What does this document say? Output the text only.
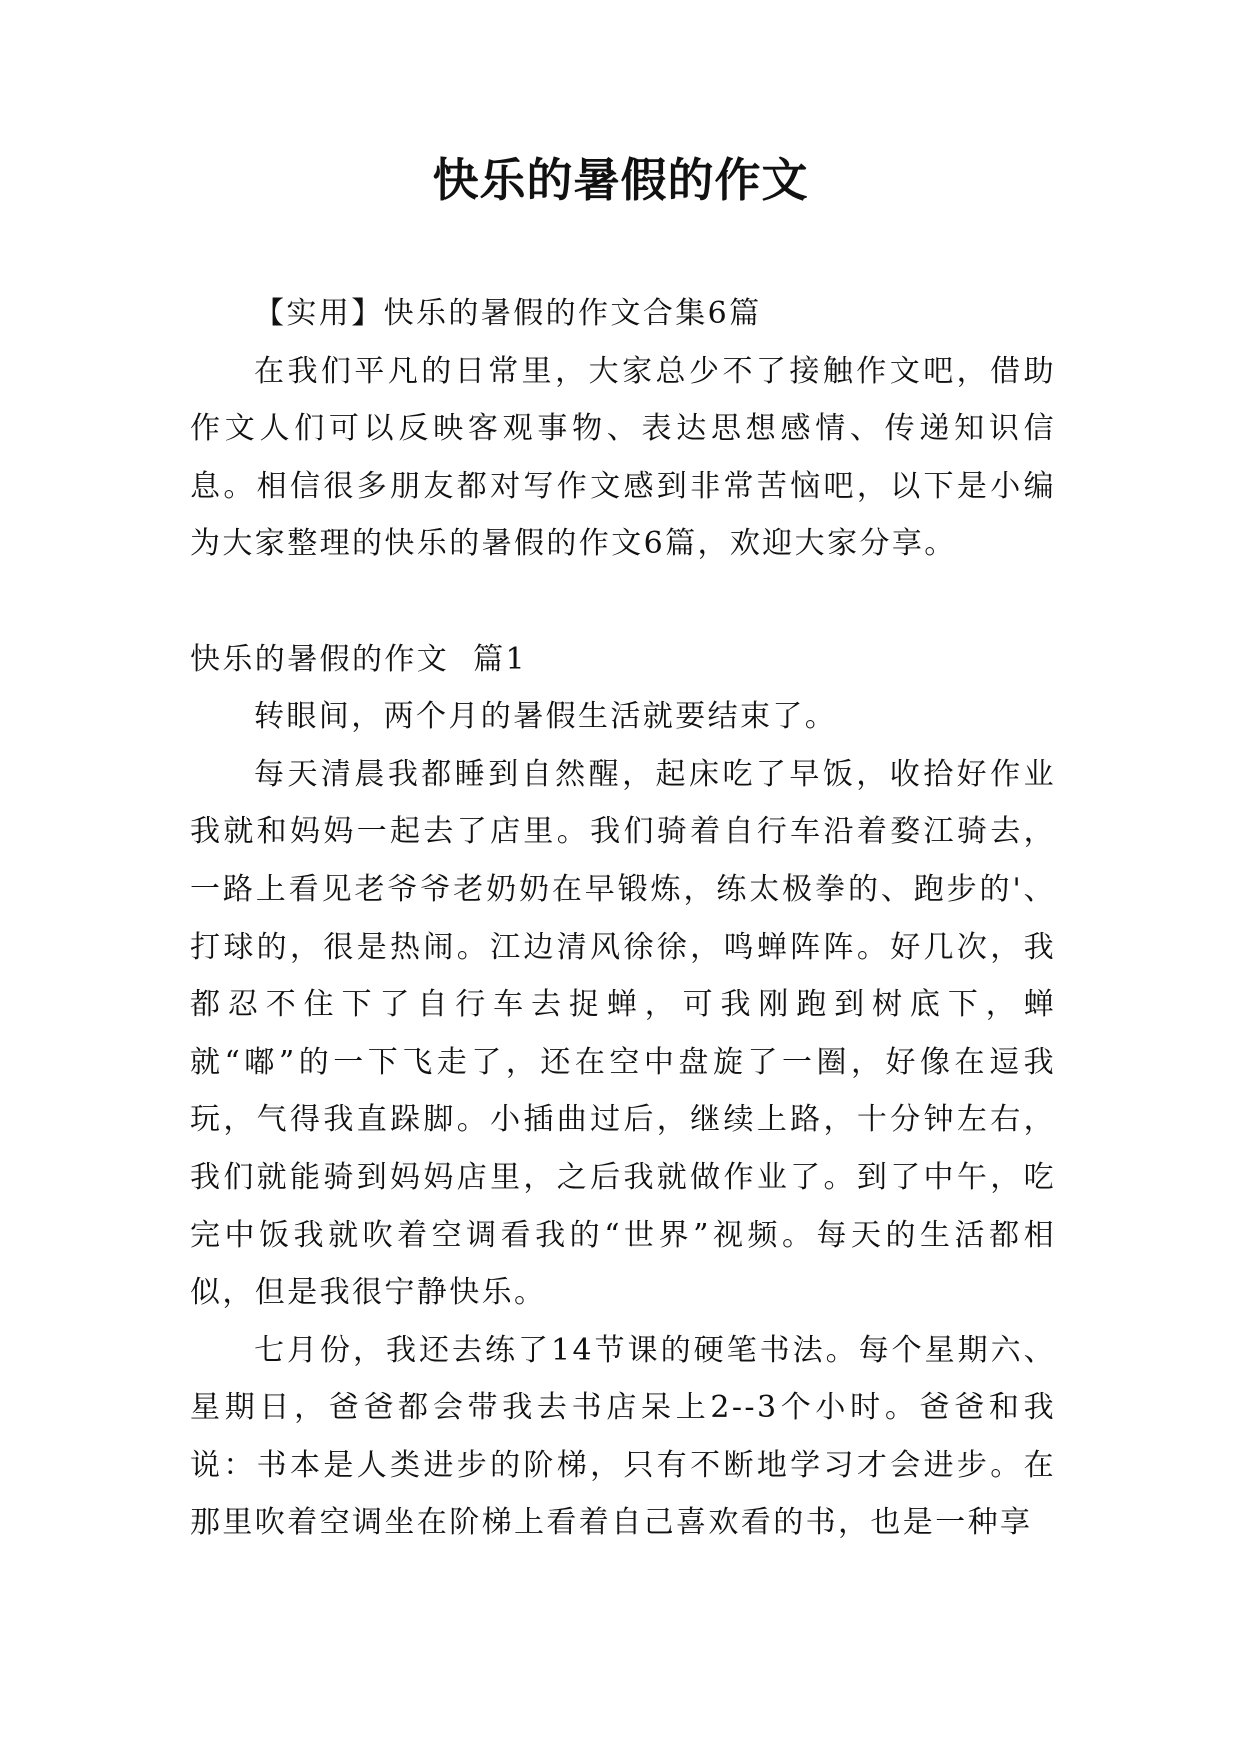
快乐的暑假的作文

【实用】快乐的暑假的作文合集6篇

在我们平凡的日常里，大家总少不了接触作文吧，借助作文人们可以反映客观事物、表达思想感情、传递知识信息。相信很多朋友都对写作文感到非常苦恼吧，以下是小编为大家整理的快乐的暑假的作文6篇，欢迎大家分享。

快乐的暑假的作文  篇1

转眼间，两个月的暑假生活就要结束了。

每天清晨我都睡到自然醒，起床吃了早饭，收拾好作业我就和妈妈一起去了店里。我们骑着自行车沿着婺江骑去，一路上看见老爷爷老奶奶在早锻炼，练太极拳的、跑步的'、打球的，很是热闹。江边清风徐徐，鸣蝉阵阵。好几次，我都忍不住下了自行车去捉蝉，可我刚跑到树底下，蝉就“嘟”的一下飞走了，还在空中盘旋了一圈，好像在逗我玩，气得我直跺脚。小插曲过后，继续上路，十分钟左右，我们就能骑到妈妈店里，之后我就做作业了。到了中午，吃完中饭我就吹着空调看我的“世界”视频。每天的生活都相似，但是我很宁静快乐。

七月份，我还去练了14节课的硬笔书法。每个星期六、星期日，爸爸都会带我去书店呆上2--3个小时。爸爸和我说：书本是人类进步的阶梯，只有不断地学习才会进步。在那里吹着空调坐在阶梯上看着自己喜欢看的书，也是一种享
